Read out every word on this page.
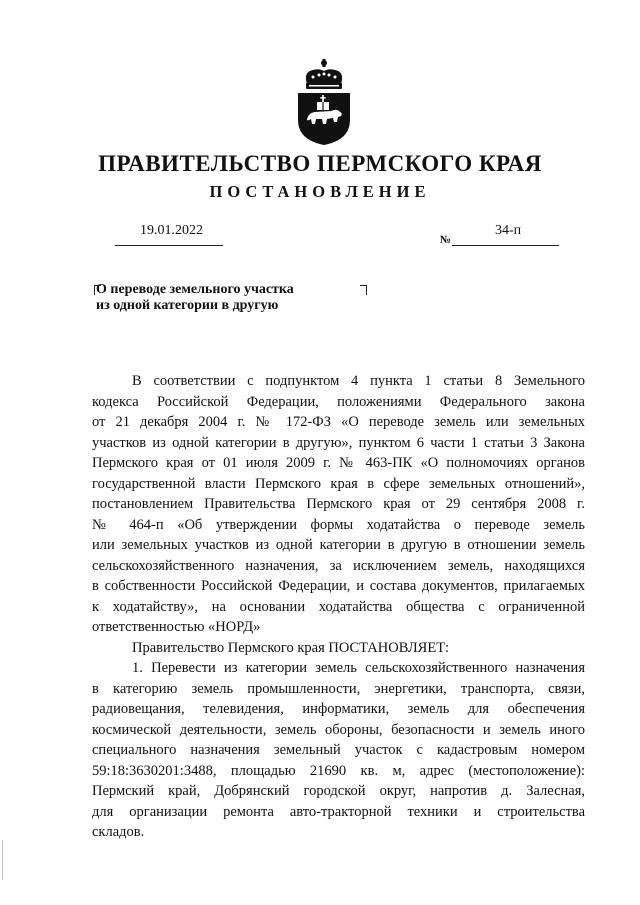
ПРАВИТЕЛЬСТВО ПЕРМСКОГО КРАЯ
ПОСТАНОВЛЕНИЕ
19.01.2022
№
34-п
О переводе земельного участка
из одной категории в другую
В соответствии с подпунктом 4 пункта 1 статьи 8 Земельного
кодекса Российской Федерации, положениями Федерального закона
от 21 декабря 2004 г. № 172-ФЗ «О переводе земель или земельных
участков из одной категории в другую», пунктом 6 части 1 статьи 3 Закона
Пермского края от 01 июля 2009 г. № 463-ПК «О полномочиях органов
государственной власти Пермского края в сфере земельных отношений»,
постановлением Правительства Пермского края от 29 сентября 2008 г.
№ 464-п «Об утверждении формы ходатайства о переводе земель
или земельных участков из одной категории в другую в отношении земель
сельскохозяйственного назначения, за исключением земель, находящихся
в собственности Российской Федерации, и состава документов, прилагаемых
к ходатайству», на основании ходатайства общества с ограниченной
ответственностью «НОРД»
Правительство Пермского края ПОСТАНОВЛЯЕТ:
1. Перевести из категории земель сельскохозяйственного назначения
в категорию земель промышленности, энергетики, транспорта, связи,
радиовещания, телевидения, информатики, земель для обеспечения
космической деятельности, земель обороны, безопасности и земель иного
специального назначения земельный участок с кадастровым номером
59:18:3630201:3488, площадью 21690 кв. м, адрес (местоположение):
Пермский край, Добрянский городской округ, напротив д. Залесная,
для организации ремонта авто-тракторной техники и строительства
складов.
